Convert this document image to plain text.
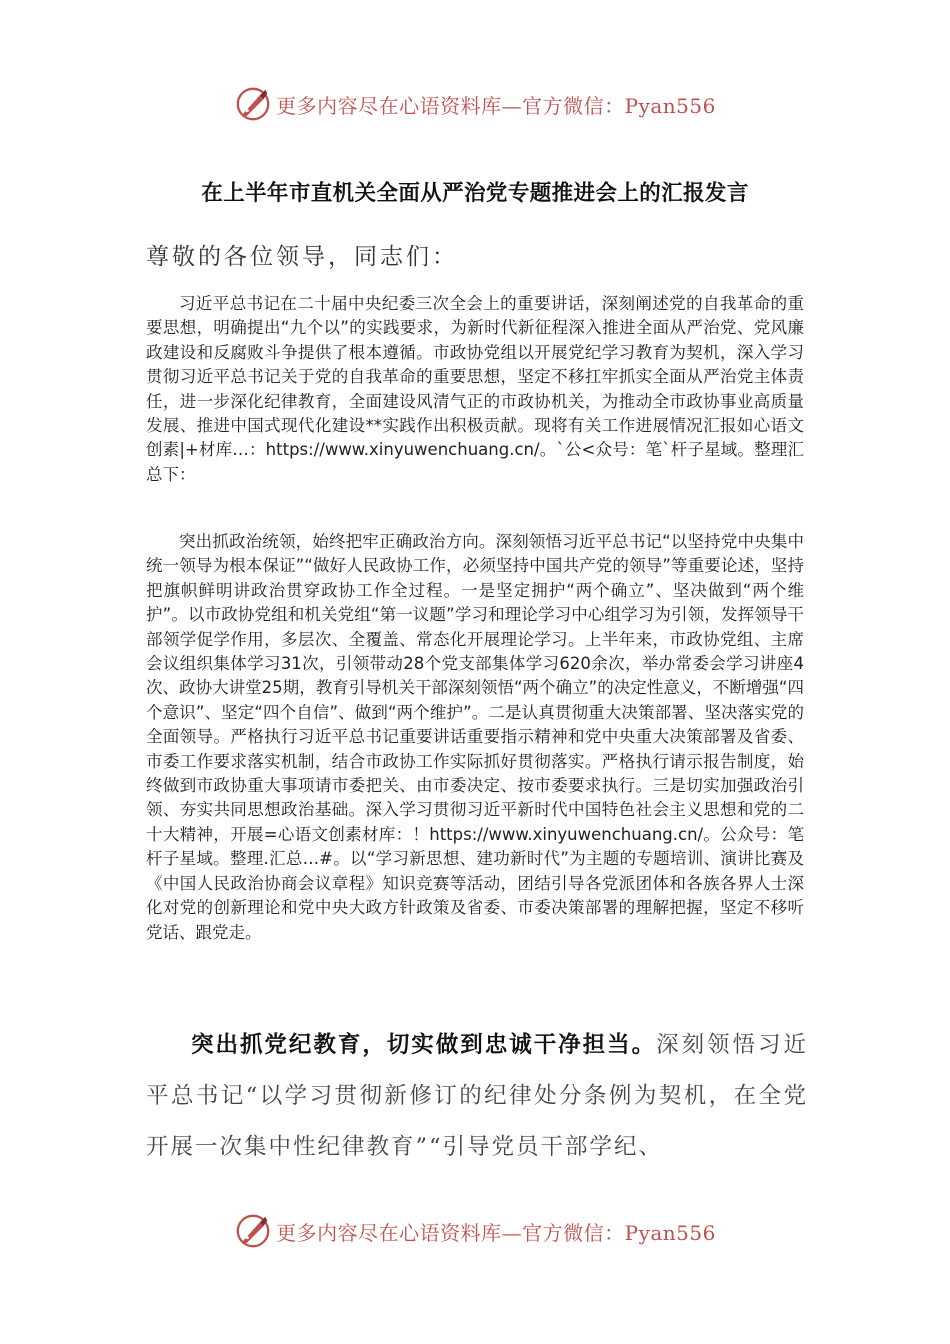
更多内容尽在心语资料库—官方微信：Pyan556
在上半年市直机关全面从严治党专题推进会上的汇报发言
尊敬的各位领导，同志们：

习近平总书记在二十届中央纪委三次全会上的重要讲话，深刻阐述党的自我革命的重要思想，明确提出“九个以”的实践要求，为新时代新征程深入推进全面从严治党、党风廉政建设和反腐败斗争提供了根本遵循。市政协党组以开展党纪学习教育为契机，深入学习贯彻习近平总书记关于党的自我革命的重要思想，坚定不移扛牢抓实全面从严治党主体责任，进一步深化纪律教育，全面建设风清气正的市政协机关，为推动全市政协事业高质量发展、推进中国式现代化建设**实践作出积极贡献。现将有关工作进展情况汇报如心语文创素|+材库…：https://www.xinyuwenchuang.cn/。`公<众号：笔`杆子星域。整理汇总下：

突出抓政治统领，始终把牢正确政治方向。深刻领悟习近平总书记“以坚持党中央集中统一领导为根本保证”“做好人民政协工作，必须坚持中国共产党的领导”等重要论述，坚持把旗帜鲜明讲政治贯穿政协工作全过程。一是坚定拥护“两个确立”、坚决做到“两个维护”。以市政协党组和机关党组“第一议题”学习和理论学习中心组学习为引领，发挥领导干部领学促学作用，多层次、全覆盖、常态化开展理论学习。上半年来，市政协党组、主席会议组织集体学习31次，引领带动28个党支部集体学习620余次，举办常委会学习讲座4次、政协大讲堂25期，教育引导机关干部深刻领悟“两个确立”的决定性意义，不断增强“四个意识”、坚定“四个自信”、做到“两个维护”。二是认真贯彻重大决策部署、坚决落实党的全面领导。严格执行习近平总书记重要讲话重要指示精神和党中央重大决策部署及省委、市委工作要求落实机制，结合市政协工作实际抓好贯彻落实。严格执行请示报告制度，始终做到市政协重大事项请市委把关、由市委决定、按市委要求执行。三是切实加强政治引领、夯实共同思想政治基础。深入学习贯彻习近平新时代中国特色社会主义思想和党的二十大精神，开展=心语文创素材库：！https://www.xinyuwenchuang.cn/。公众号：笔杆子星域。整理.汇总…#。以“学习新思想、建功新时代”为主题的专题培训、演讲比赛及《中国人民政治协商会议章程》知识竞赛等活动，团结引导各党派团体和各族各界人士深化对党的创新理论和党中央大政方针政策及省委、市委决策部署的理解把握，坚定不移听党话、跟党走。

突出抓党纪教育，切实做到忠诚干净担当。深刻领悟习近平总书记“以学习贯彻新修订的纪律处分条例为契机，在全党开展一次集中性纪律教育”“引导党员干部学纪、

更多内容尽在心语资料库—官方微信：Pyan556
